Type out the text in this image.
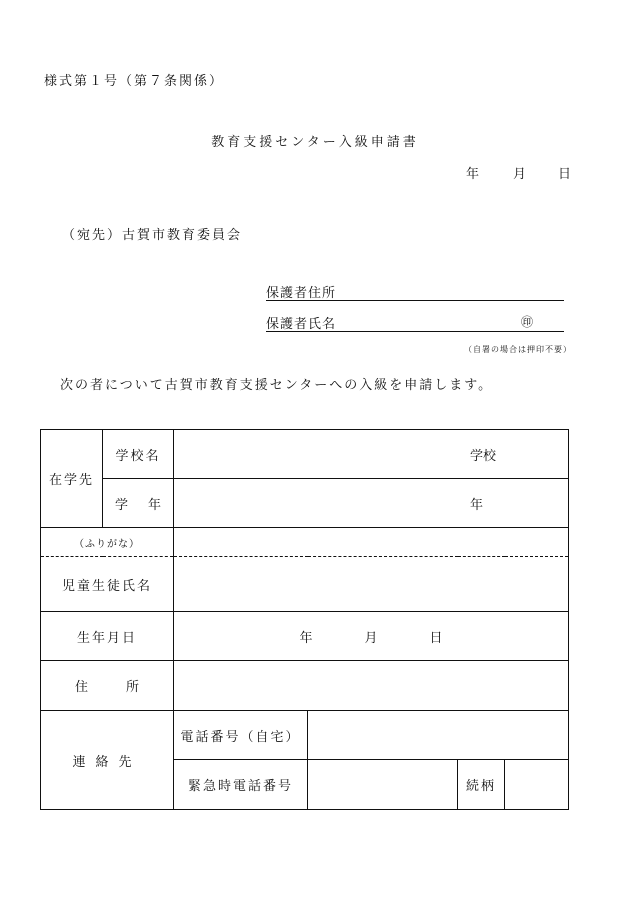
様式第１号（第７条関係）
教育支援センター入級申請書
年	月 日
（宛先）古賀市教育委員会
保護者住所
保護者氏名	㊞
（自署の場合は押印不要）
次の者について古賀市教育支援センターへの入級を申請します。
在学先	学校名	学校			
	学 年	年			
（ふりがな）					
児童生徒氏名					
生年月日		年 月 日			
住 所					
連絡先		電話番号（自宅）			
		緊急時電話番号		続柄	
